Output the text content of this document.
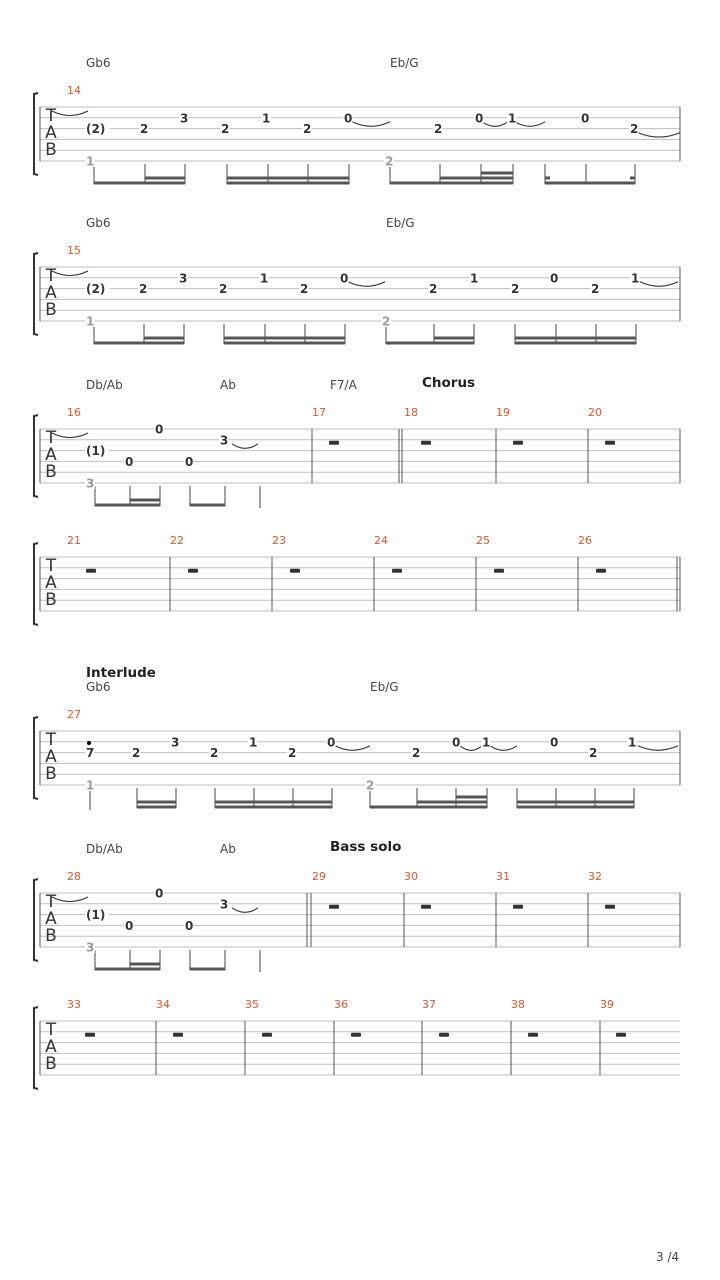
T
A
B
Gb6	Eb/G
14
(2)	2
3
2
1
2
0
2
0 1	0
2
1	2
T
A
B
Gb6	Eb/G
15
(2)	2
3
2
1
2
0
2
1
2
0
2
1
1	2
T
A
B
Db/Ab	Ab	F7/A	Chorus
16	17	18	19	20
(1)
0
0
0
3
3
T
A
B
21	22	23	24	25	26
T
A
B
Gb6	Eb/G
Interlude
27
7	2
3
2
1
2
0
2
0 1	0
2
1
1	2
T
A
B
Db/Ab	Ab	Bass solo
28	29	30	31	32
(1)
0
0
0
3
3
T
A
B
33	34	35	36	37	38	39
3 /4
